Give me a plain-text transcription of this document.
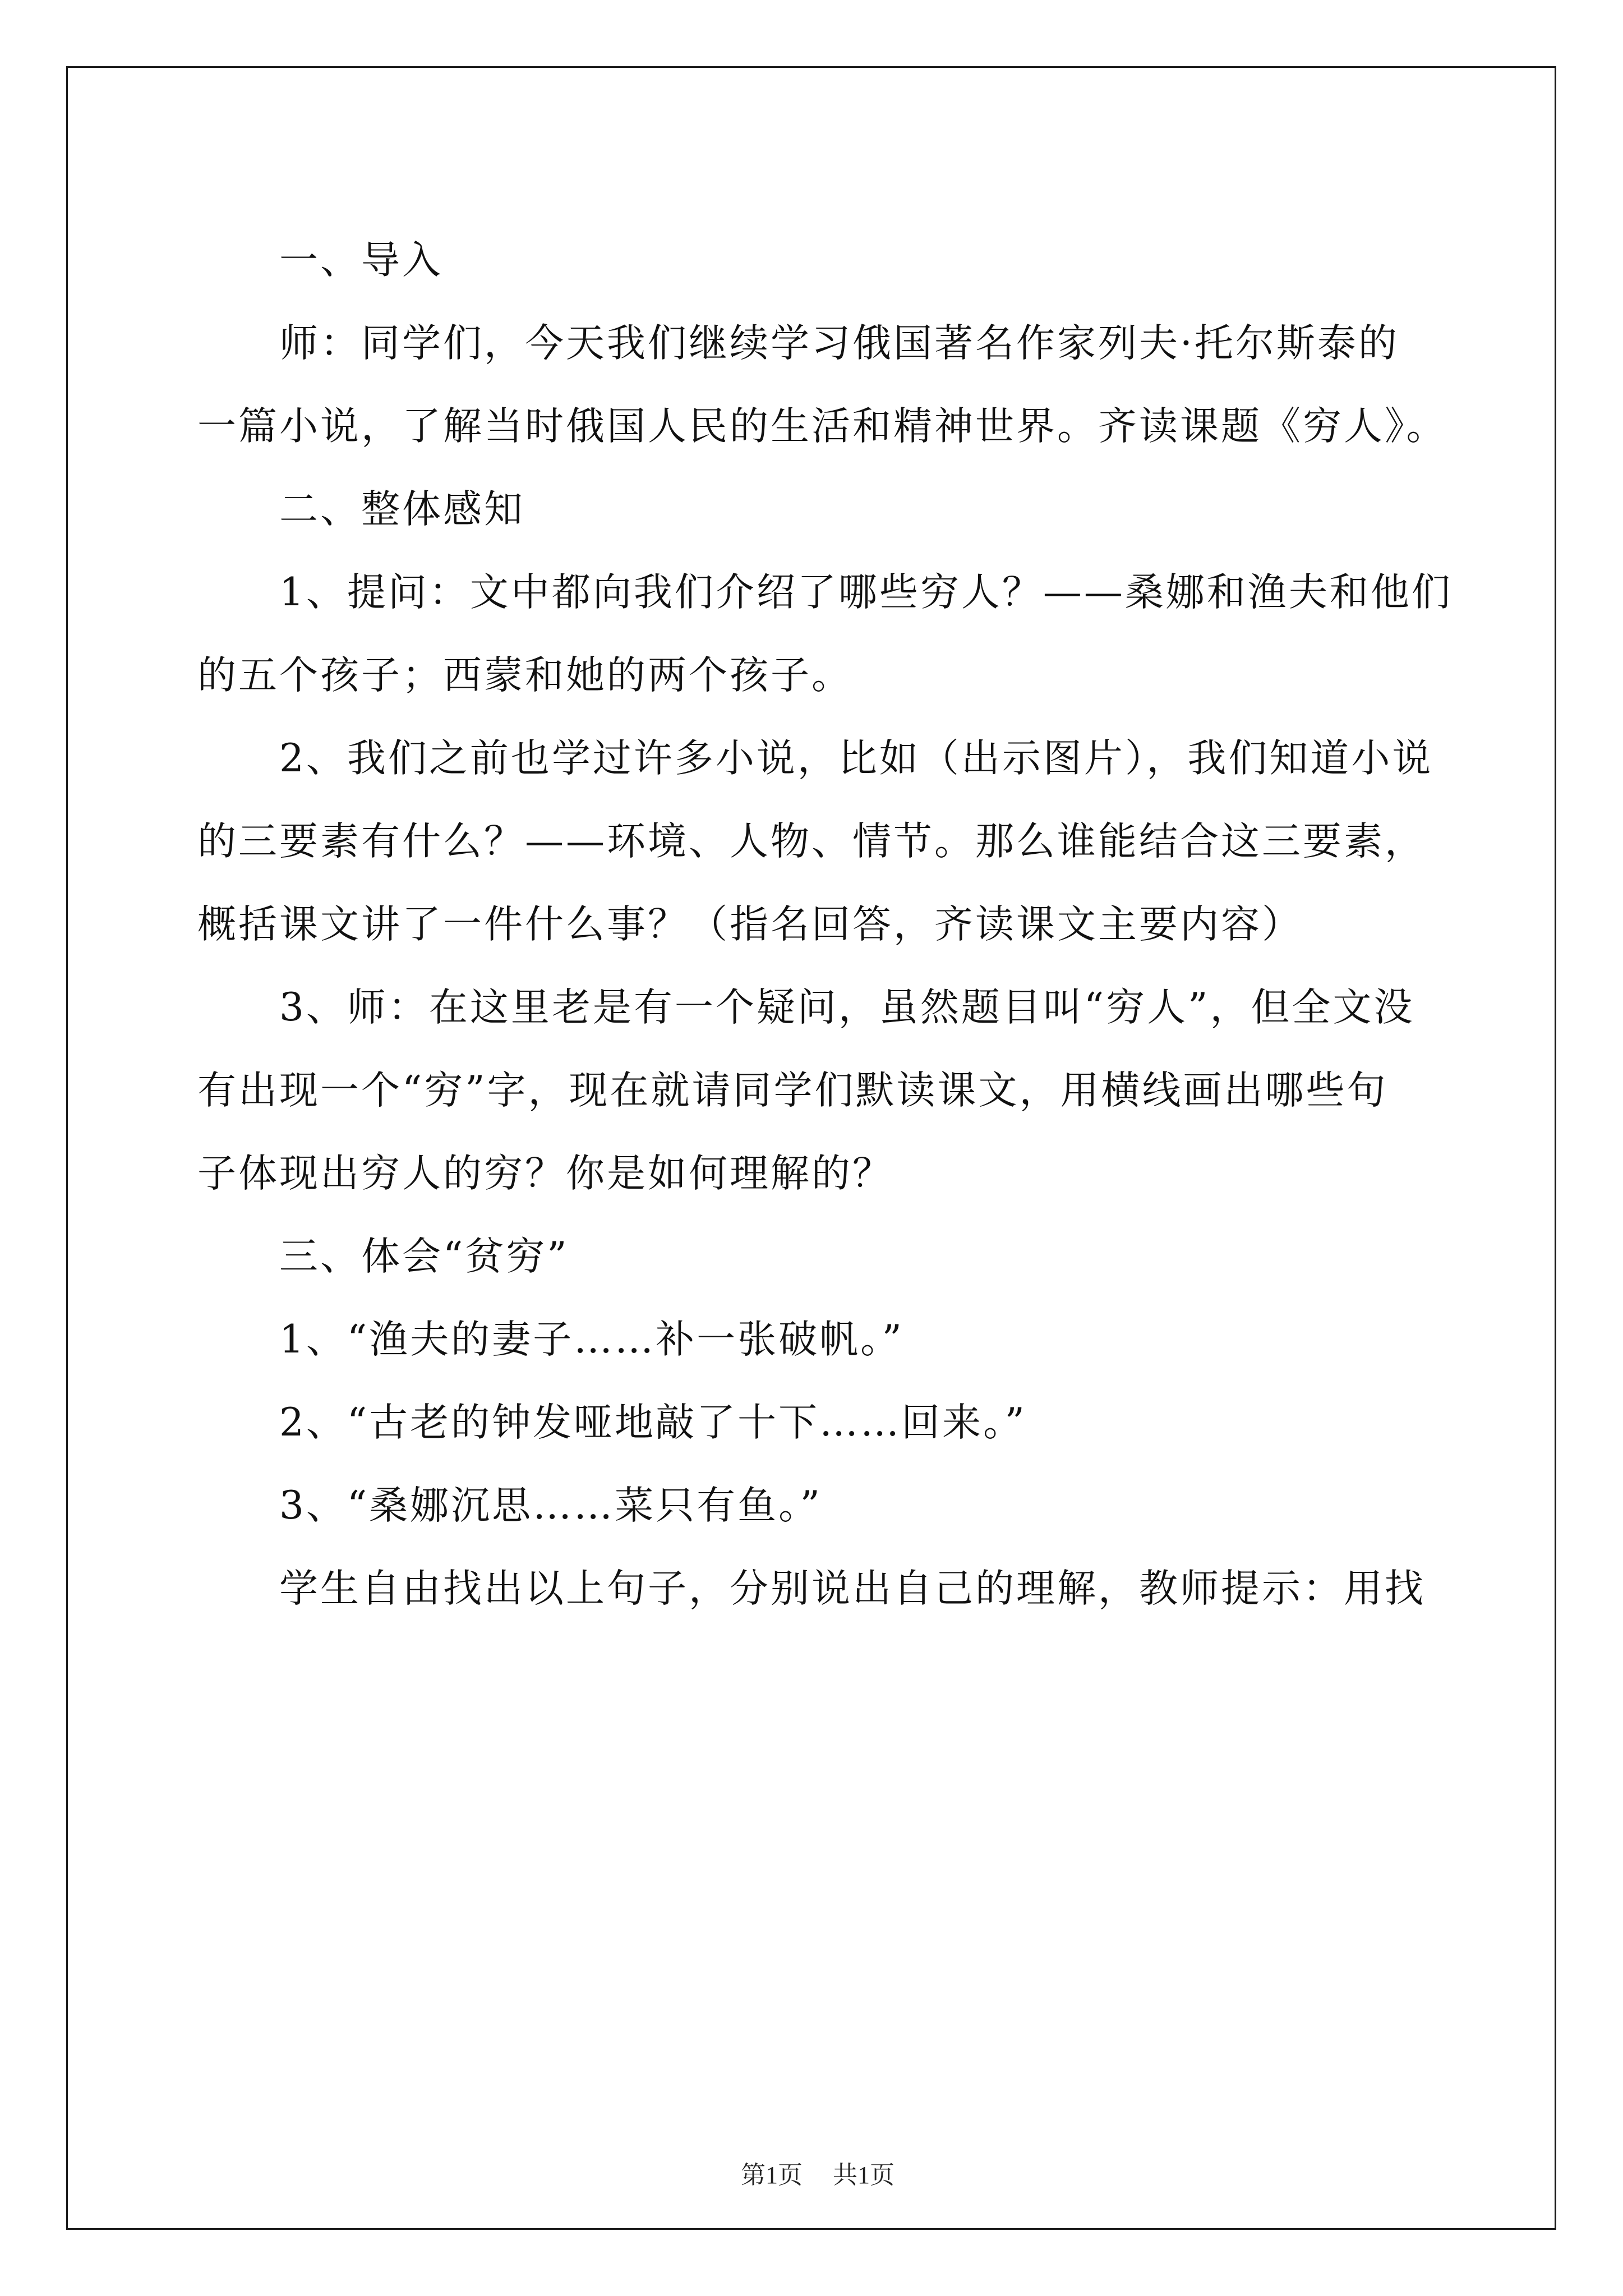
一、导入

师：同学们，今天我们继续学习俄国著名作家列夫·托尔斯泰的

一篇小说，了解当时俄国人民的生活和精神世界。齐读课题《穷人》。

二、整体感知

1、提问：文中都向我们介绍了哪些穷人？——桑娜和渔夫和他们

的五个孩子；西蒙和她的两个孩子。

2、我们之前也学过许多小说，比如（出示图片），我们知道小说

的三要素有什么？——环境、人物、情节。那么谁能结合这三要素，

概括课文讲了一件什么事？（指名回答，齐读课文主要内容）

3、师：在这里老是有一个疑问，虽然题目叫“穷人”，但全文没

有出现一个“穷”字，现在就请同学们默读课文，用横线画出哪些句

子体现出穷人的穷？你是如何理解的？

三、体会“贫穷”

1、“渔夫的妻子……补一张破帆。”

2、“古老的钟发哑地敲了十下……回来。”

3、“桑娜沉思……菜只有鱼。”

学生自由找出以上句子，分别说出自己的理解，教师提示：用找

第1页 共1页
